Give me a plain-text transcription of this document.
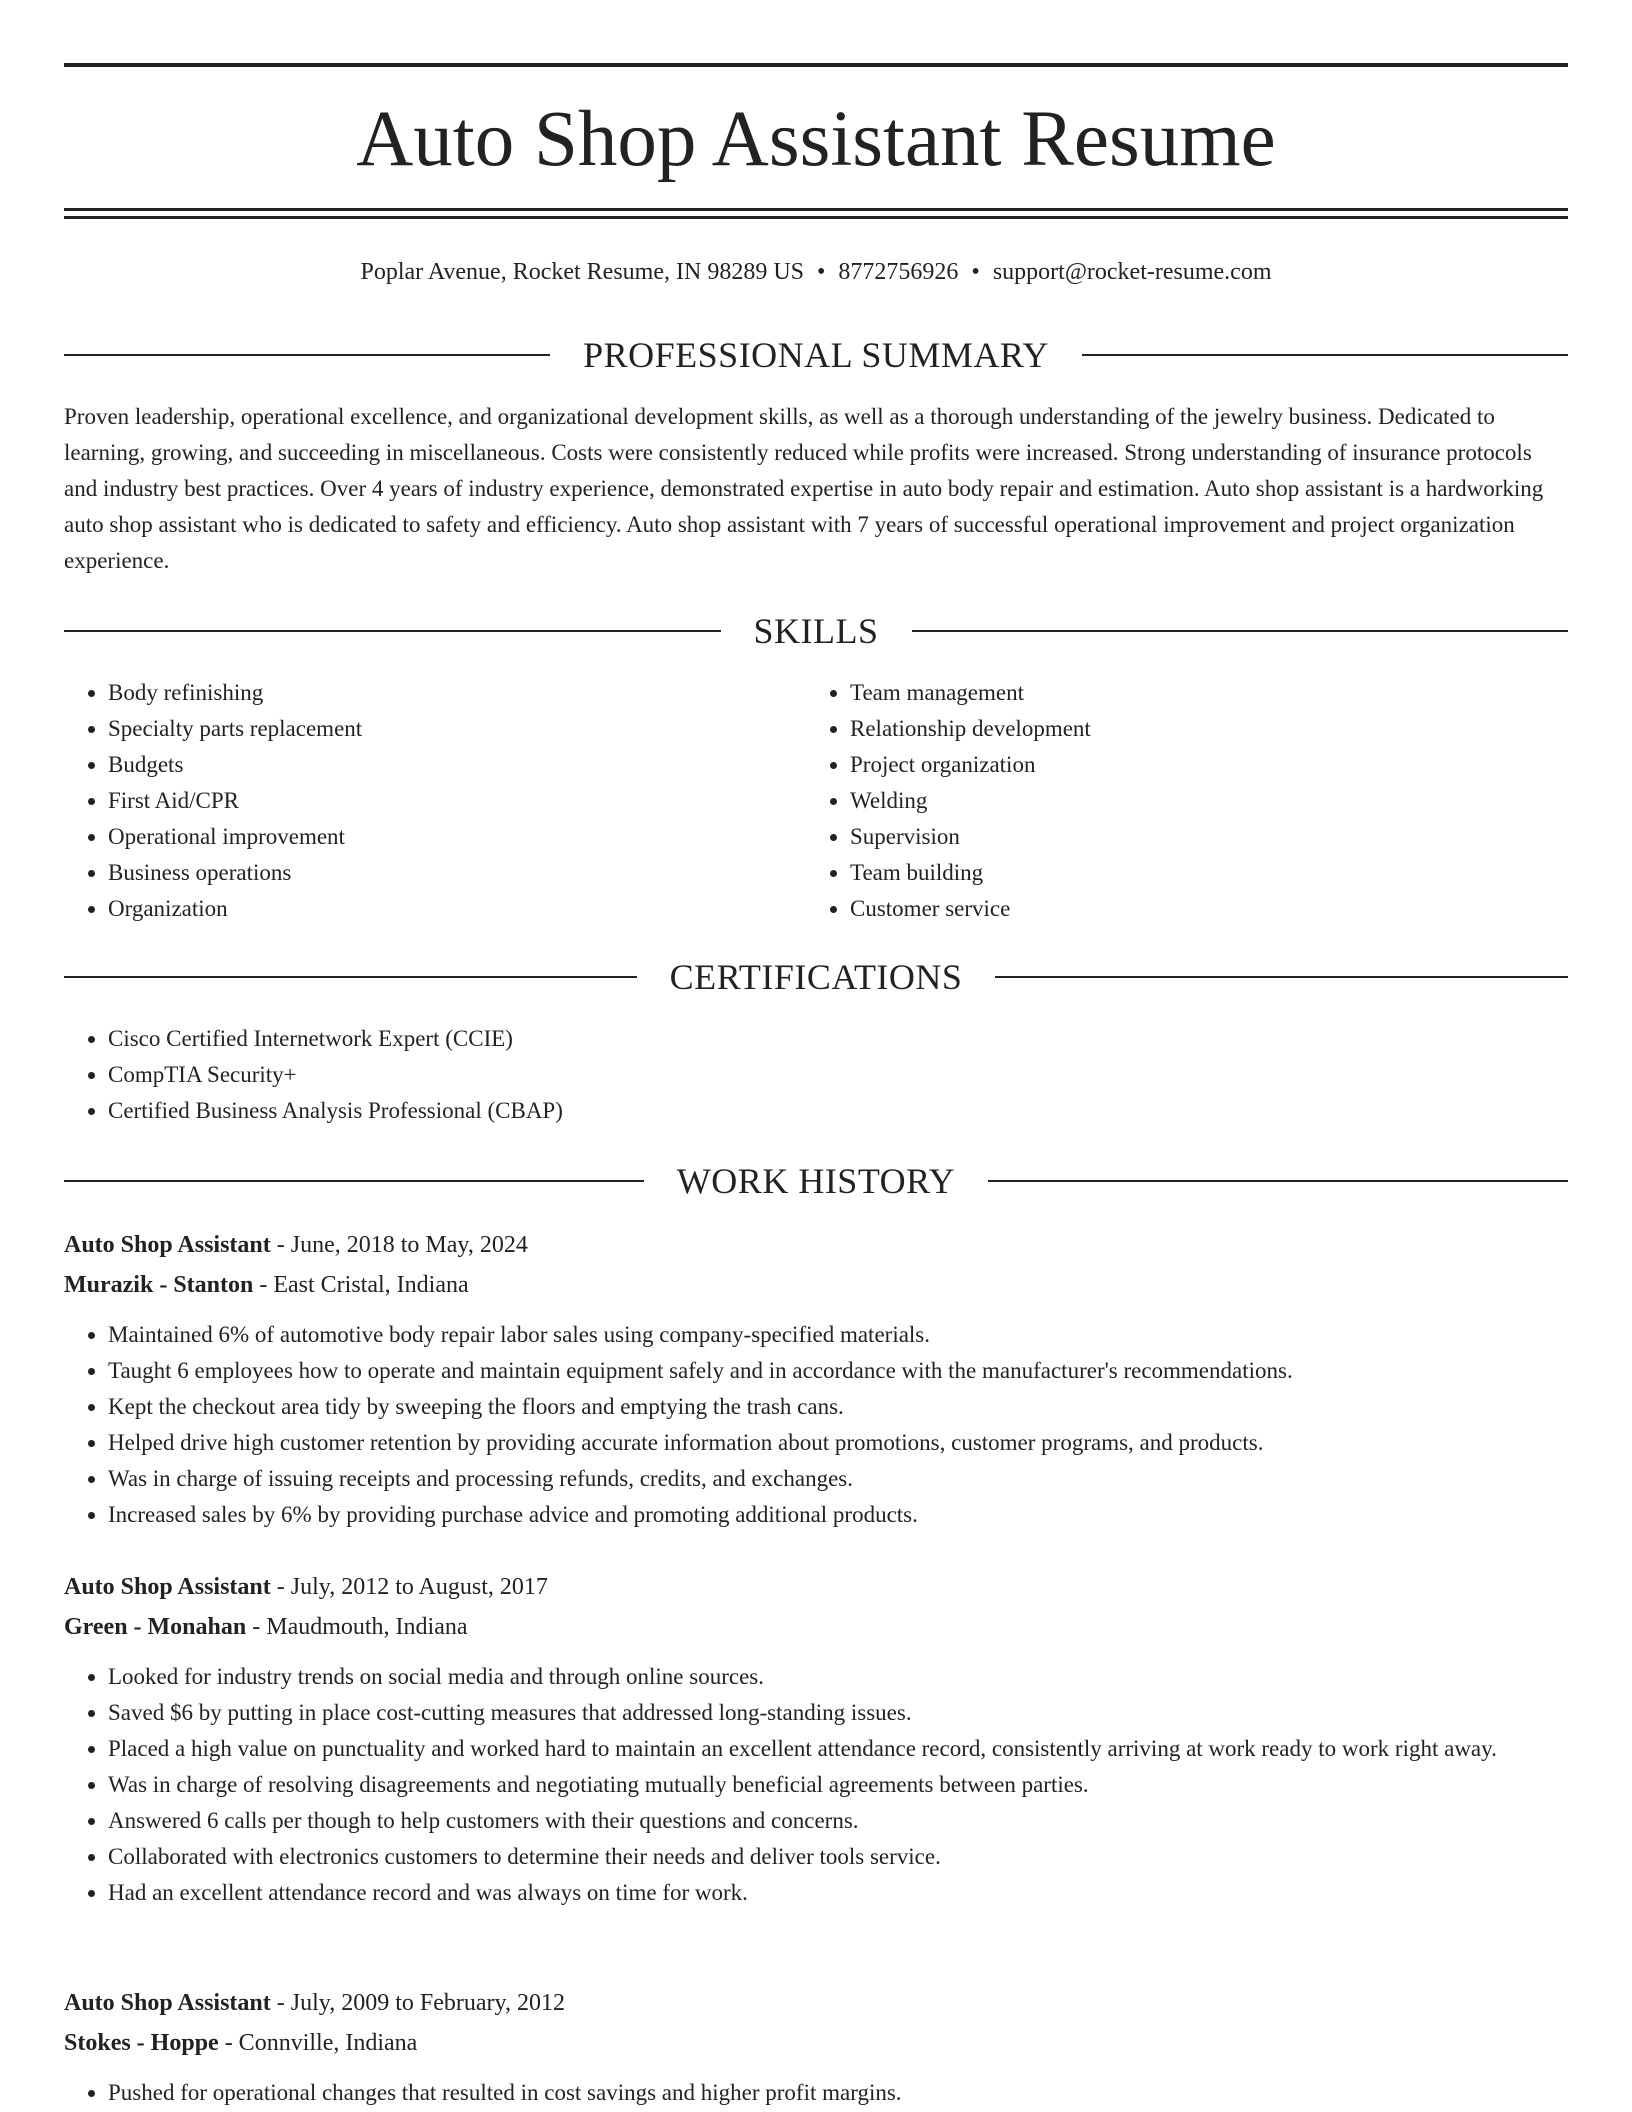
Auto Shop Assistant Resume
Poplar Avenue, Rocket Resume, IN 98289 US • 8772756926 • support@rocket-resume.com
PROFESSIONAL SUMMARY

Proven leadership, operational excellence, and organizational development skills, as well as a thorough understanding of the jewelry business. Dedicated to learning, growing, and succeeding in miscellaneous. Costs were consistently reduced while profits were increased. Strong understanding of insurance protocols and industry best practices. Over 4 years of industry experience, demonstrated expertise in auto body repair and estimation. Auto shop assistant is a hardworking auto shop assistant who is dedicated to safety and efficiency. Auto shop assistant with 7 years of successful operational improvement and project organization experience.

SKILLS
• Body refinishing
• Specialty parts replacement
• Budgets
• First Aid/CPR
• Operational improvement
• Business operations
• Organization
• Team management
• Relationship development
• Project organization
• Welding
• Supervision
• Team building
• Customer service
CERTIFICATIONS
• Cisco Certified Internetwork Expert (CCIE)
• CompTIA Security+
• Certified Business Analysis Professional (CBAP)
WORK HISTORY

Auto Shop Assistant - June, 2018 to May, 2024

Murazik - Stanton - East Cristal, Indiana

• Maintained 6% of automotive body repair labor sales using company-specified materials.
• Taught 6 employees how to operate and maintain equipment safely and in accordance with the manufacturer's recommendations.
• Kept the checkout area tidy by sweeping the floors and emptying the trash cans.
• Helped drive high customer retention by providing accurate information about promotions, customer programs, and products.
• Was in charge of issuing receipts and processing refunds, credits, and exchanges.
• Increased sales by 6% by providing purchase advice and promoting additional products.

Auto Shop Assistant - July, 2012 to August, 2017

Green - Monahan - Maudmouth, Indiana

• Looked for industry trends on social media and through online sources.
• Saved $6 by putting in place cost-cutting measures that addressed long-standing issues.
• Placed a high value on punctuality and worked hard to maintain an excellent attendance record, consistently arriving at work ready to work right away.
• Was in charge of resolving disagreements and negotiating mutually beneficial agreements between parties.
• Answered 6 calls per though to help customers with their questions and concerns.
• Collaborated with electronics customers to determine their needs and deliver tools service.
• Had an excellent attendance record and was always on time for work.

Auto Shop Assistant - July, 2009 to February, 2012

Stokes - Hoppe - Connville, Indiana

• Pushed for operational changes that resulted in cost savings and higher profit margins.
